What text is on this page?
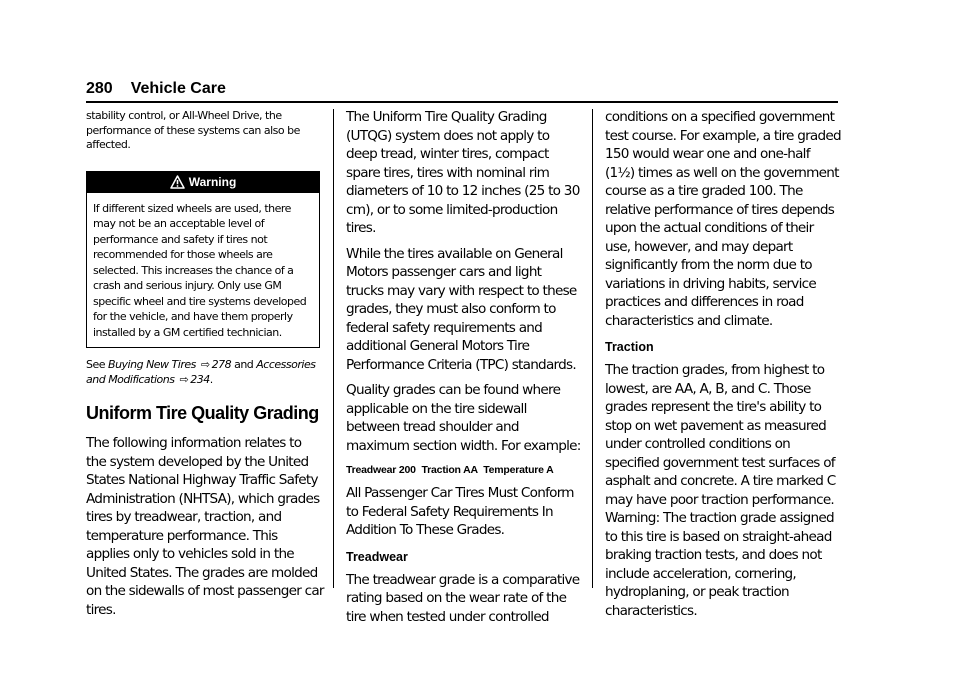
280 Vehicle Care

stability control, or All-Wheel Drive, the performance of these systems can also be affected.

Warning

If different sized wheels are used, there may not be an acceptable level of performance and safety if tires not recommended for those wheels are selected. This increases the chance of a crash and serious injury. Only use GM specific wheel and tire systems developed for the vehicle, and have them properly installed by a GM certified technician.

See Buying New Tires ⇨ 278 and Accessories and Modifications ⇨ 234.

Uniform Tire Quality Grading

The following information relates to the system developed by the United States National Highway Traffic Safety Administration (NHTSA), which grades tires by treadwear, traction, and temperature performance. This applies only to vehicles sold in the United States. The grades are molded on the sidewalls of most passenger car tires.

The Uniform Tire Quality Grading (UTQG) system does not apply to deep tread, winter tires, compact spare tires, tires with nominal rim diameters of 10 to 12 inches (25 to 30 cm), or to some limited-production tires.

While the tires available on General Motors passenger cars and light trucks may vary with respect to these grades, they must also conform to federal safety requirements and additional General Motors Tire Performance Criteria (TPC) standards.

Quality grades can be found where applicable on the tire sidewall between tread shoulder and maximum section width. For example:

Treadwear 200 Traction AA Temperature A

All Passenger Car Tires Must Conform to Federal Safety Requirements In Addition To These Grades.

Treadwear

The treadwear grade is a comparative rating based on the wear rate of the tire when tested under controlled

conditions on a specified government test course. For example, a tire graded 150 would wear one and one-half (1½) times as well on the government course as a tire graded 100. The relative performance of tires depends upon the actual conditions of their use, however, and may depart significantly from the norm due to variations in driving habits, service practices and differences in road characteristics and climate.

Traction

The traction grades, from highest to lowest, are AA, A, B, and C. Those grades represent the tire's ability to stop on wet pavement as measured under controlled conditions on specified government test surfaces of asphalt and concrete. A tire marked C may have poor traction performance. Warning: The traction grade assigned to this tire is based on straight-ahead braking traction tests, and does not include acceleration, cornering, hydroplaning, or peak traction characteristics.
